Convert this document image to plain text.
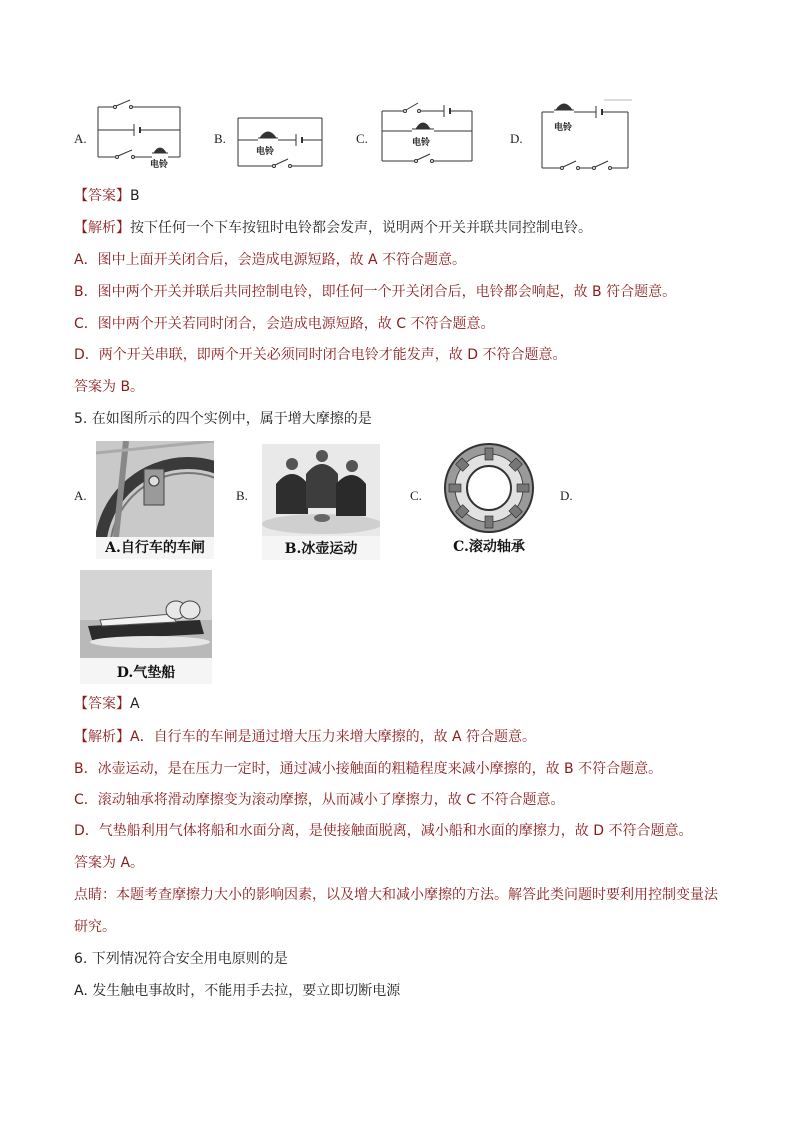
A.
电铃
B.
电铃
C.	电铃	D.
电铃
【答案】B
【解析】按下任何一个下车按钮时电铃都会发声，说明两个开关并联共同控制电铃。
A．图中上面开关闭合后，会造成电源短路，故 A 不符合题意。
B．图中两个开关并联后共同控制电铃，即任何一个开关闭合后，电铃都会响起，故 B 符合题意。
C．图中两个开关若同时闭合，会造成电源短路，故 C 不符合题意。
D．两个开关串联，即两个开关必须同时闭合电铃才能发声，故 D 不符合题意。
答案为 B。
5. 在如图所示的四个实例中，属于增大摩擦的是
A.
A.自行车的车闸
B.
B.冰壶运动
C.
C.滚动轴承
D.
D.气垫船
【答案】A
【解析】A．自行车的车闸是通过增大压力来增大摩擦的，故 A 符合题意。
B．冰壶运动，是在压力一定时，通过减小接触面的粗糙程度来减小摩擦的，故 B 不符合题意。
C．滚动轴承将滑动摩擦变为滚动摩擦，从而减小了摩擦力，故 C 不符合题意。
D．气垫船利用气体将船和水面分离，是使接触面脱离，减小船和水面的摩擦力，故 D 不符合题意。
答案为 A。
点睛：本题考查摩擦力大小的影响因素，以及增大和减小摩擦的方法。解答此类问题时要利用控制变量法
研究。
6. 下列情况符合安全用电原则的是
A. 发生触电事故时，不能用手去拉，要立即切断电源
